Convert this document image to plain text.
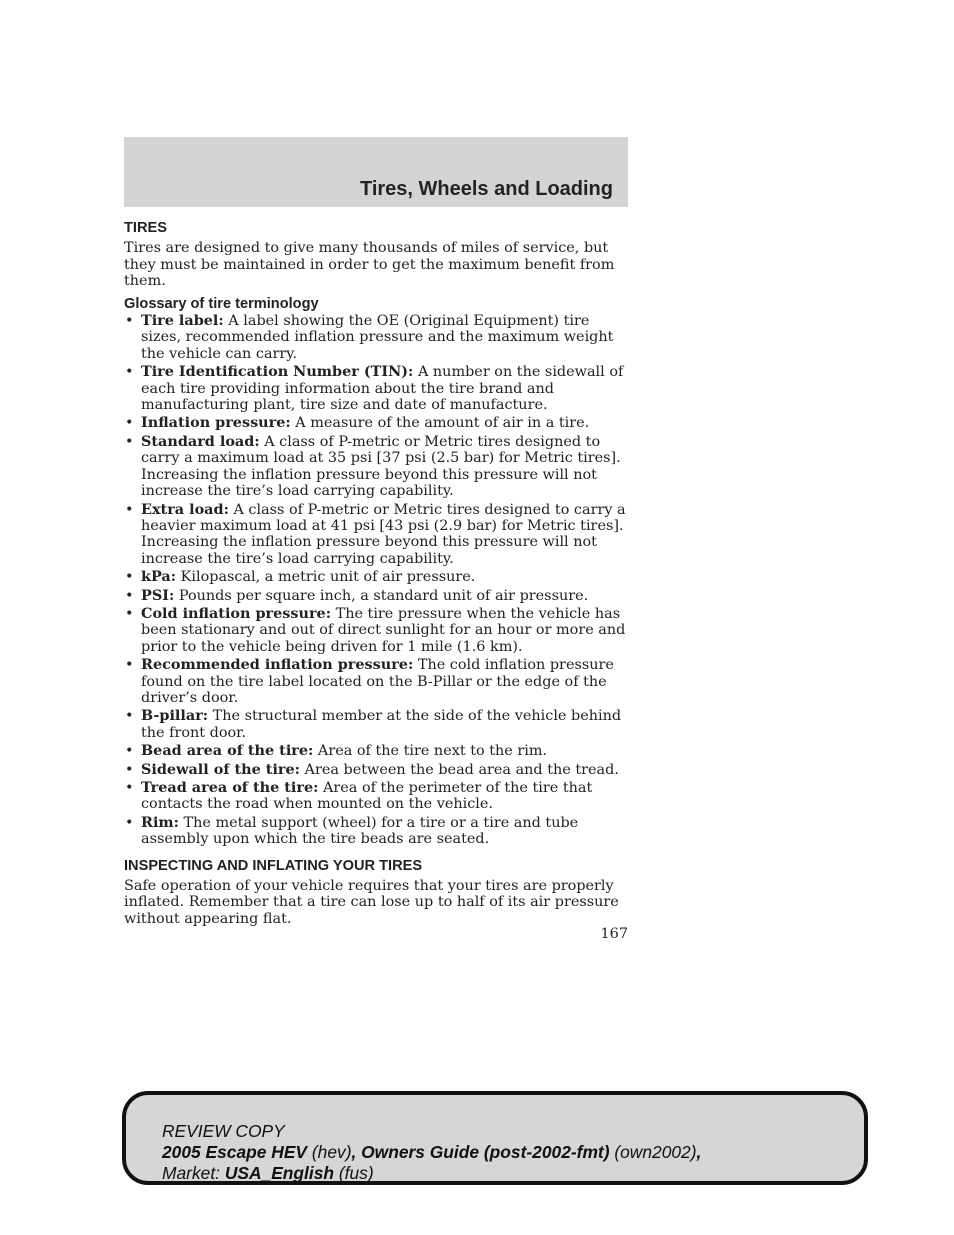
Tires, Wheels and Loading
TIRES

Tires are designed to give many thousands of miles of service, but they must be maintained in order to get the maximum benefit from them.

Glossary of tire terminology
• Tire label: A label showing the OE (Original Equipment) tire sizes, recommended inflation pressure and the maximum weight the vehicle can carry.
• Tire Identification Number (TIN): A number on the sidewall of each tire providing information about the tire brand and manufacturing plant, tire size and date of manufacture.
• Inflation pressure: A measure of the amount of air in a tire.
• Standard load: A class of P-metric or Metric tires designed to carry a maximum load at 35 psi [37 psi (2.5 bar) for Metric tires]. Increasing the inflation pressure beyond this pressure will not increase the tire’s load carrying capability.
• Extra load: A class of P-metric or Metric tires designed to carry a heavier maximum load at 41 psi [43 psi (2.9 bar) for Metric tires]. Increasing the inflation pressure beyond this pressure will not increase the tire’s load carrying capability.
• kPa: Kilopascal, a metric unit of air pressure.
• PSI: Pounds per square inch, a standard unit of air pressure.
• Cold inflation pressure: The tire pressure when the vehicle has been stationary and out of direct sunlight for an hour or more and prior to the vehicle being driven for 1 mile (1.6 km).
• Recommended inflation pressure: The cold inflation pressure found on the tire label located on the B-Pillar or the edge of the driver’s door.
• B-pillar: The structural member at the side of the vehicle behind the front door.
• Bead area of the tire: Area of the tire next to the rim.
• Sidewall of the tire: Area between the bead area and the tread.
• Tread area of the tire: Area of the perimeter of the tire that contacts the road when mounted on the vehicle.
• Rim: The metal support (wheel) for a tire or a tire and tube assembly upon which the tire beads are seated.
INSPECTING AND INFLATING YOUR TIRES

Safe operation of your vehicle requires that your tires are properly inflated. Remember that a tire can lose up to half of its air pressure without appearing flat.

167
REVIEW COPY
2005 Escape HEV (hev), Owners Guide (post-2002-fmt) (own2002),
Market: USA_English (fus)
